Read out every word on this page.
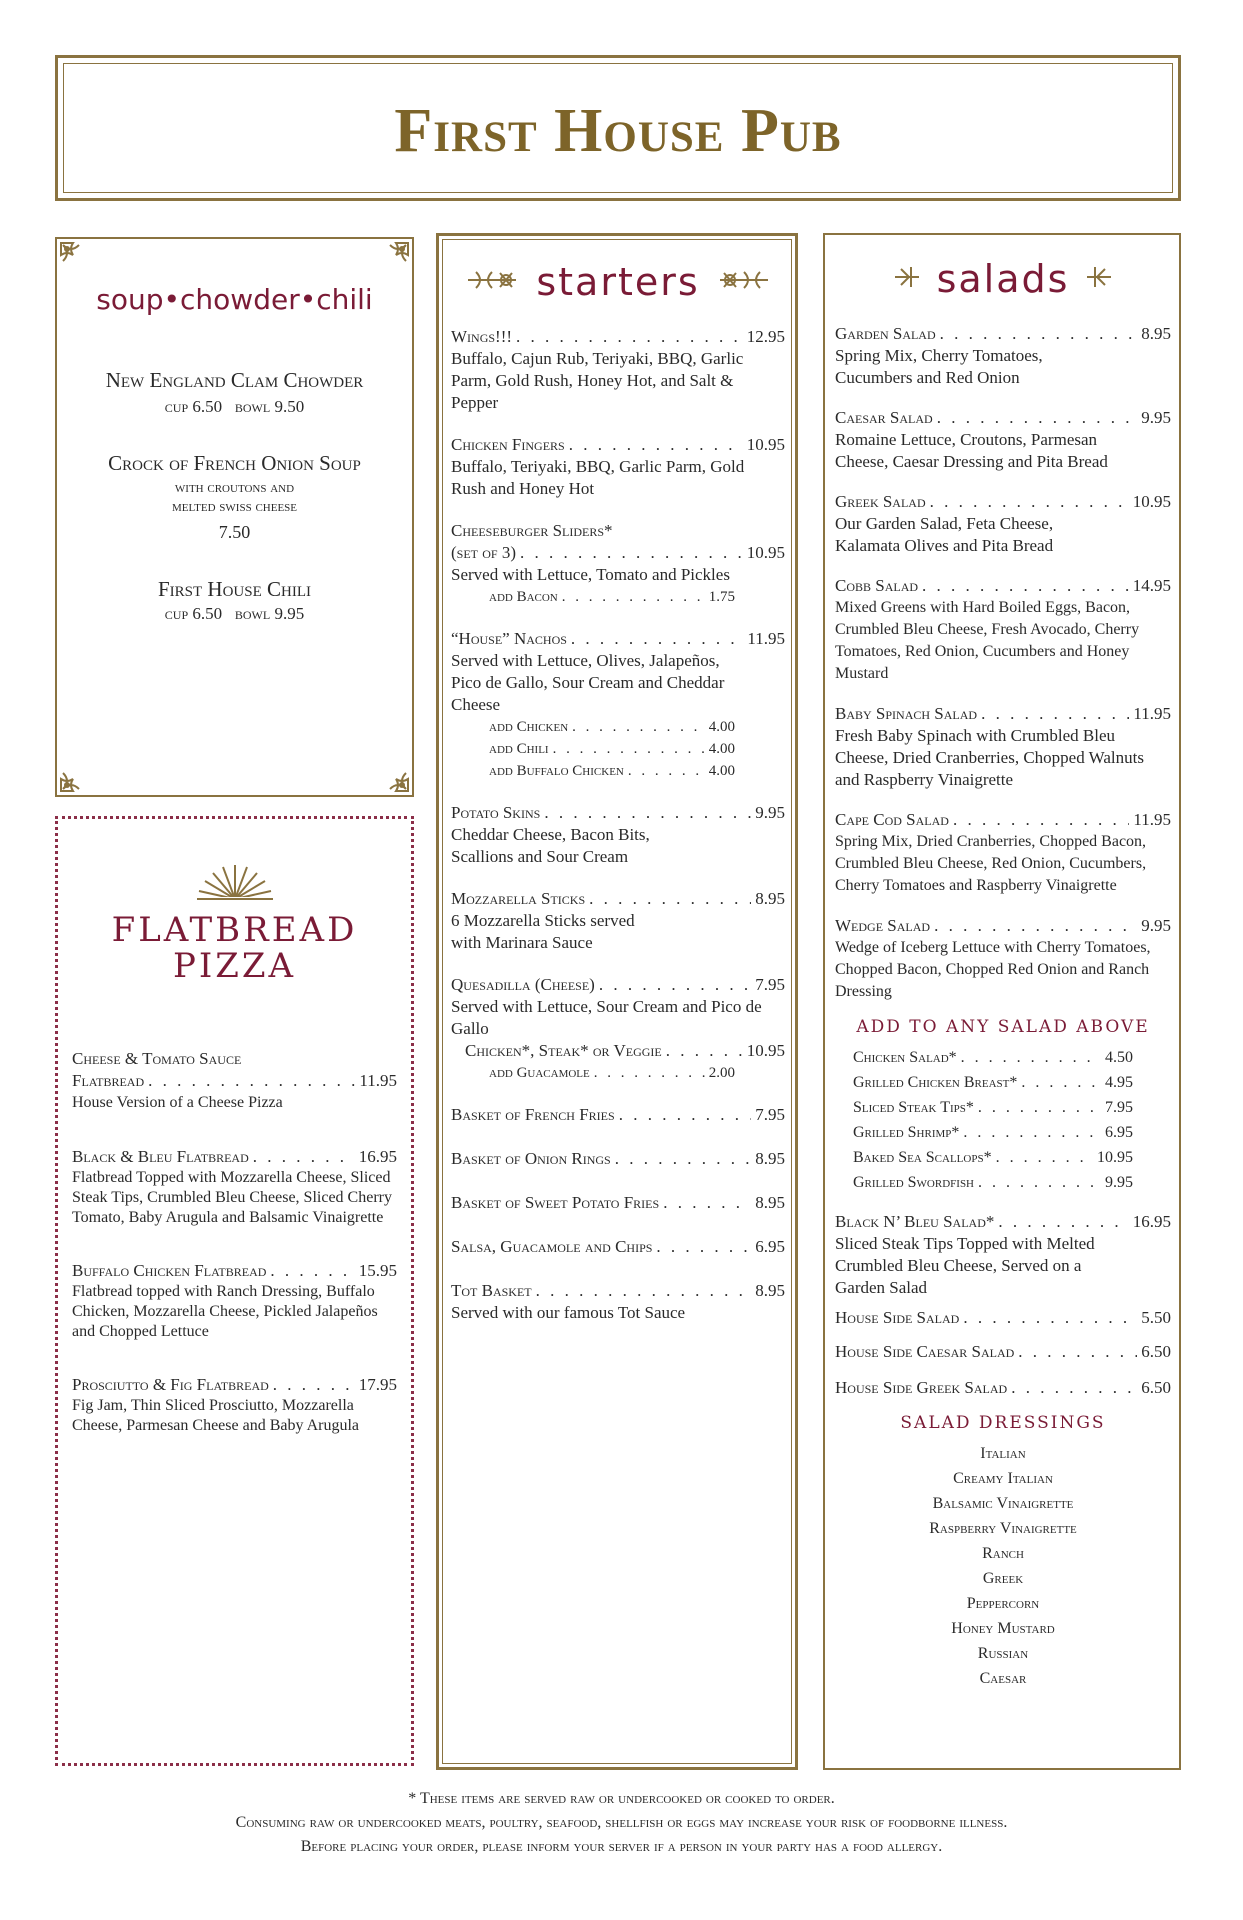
First House Pub
soup•chowder•chili
New England Clam Chowder
cup 6.50   bowl 9.50
Crock of French Onion Soup
with croutons and
melted swiss cheese
7.50
First House Chili
cup 6.50   bowl 9.95
FLATBREAD
PIZZA
Cheese & Tomato Sauce
Flatbread . . .	11.95
House Version of a Cheese Pizza
Black & Bleu Flatbread . . .	16.95
Flatbread Topped with Mozzarella Cheese, Sliced Steak Tips, Crumbled Bleu Cheese, Sliced Cherry Tomato, Baby Arugula and Balsamic Vinaigrette
Buffalo Chicken Flatbread . . .	15.95
Flatbread topped with Ranch Dressing, Buffalo Chicken, Mozzarella Cheese, Pickled Jalapeños and Chopped Lettuce
Prosciutto & Fig Flatbread . . .	17.95
Fig Jam, Thin Sliced Prosciutto, Mozzarella Cheese, Parmesan Cheese and Baby Arugula
starters
Wings!!! . . .	12.95
Buffalo, Cajun Rub, Teriyaki, BBQ, Garlic Parm, Gold Rush, Honey Hot, and Salt & Pepper
Chicken Fingers . . .	10.95
Buffalo, Teriyaki, BBQ, Garlic Parm, Gold Rush and Honey Hot
Cheeseburger Sliders*
(set of 3) . . .	10.95
Served with Lettuce, Tomato and Pickles
add Bacon . . .	1.75
“House” Nachos . . .	11.95
Served with Lettuce, Olives, Jalapeños, Pico de Gallo, Sour Cream and Cheddar Cheese
add Chicken . . .	4.00
add Chili . . .	4.00
add Buffalo Chicken . . .	4.00
Potato Skins . . .	9.95
Cheddar Cheese, Bacon Bits, Scallions and Sour Cream
Mozzarella Sticks . . .	8.95
6 Mozzarella Sticks served with Marinara Sauce
Quesadilla (Cheese) . . .	7.95
Served with Lettuce, Sour Cream and Pico de Gallo
Chicken*, Steak* or Veggie . . .	10.95
add Guacamole . . .	2.00
Basket of French Fries . . .	7.95
Basket of Onion Rings . . .	8.95
Basket of Sweet Potato Fries . . .	8.95
Salsa, Guacamole and Chips . . .	6.95
Tot Basket . . .	8.95
Served with our famous Tot Sauce
salads
Garden Salad . . .	8.95
Spring Mix, Cherry Tomatoes, Cucumbers and Red Onion
Caesar Salad . . .	9.95
Romaine Lettuce, Croutons, Parmesan Cheese, Caesar Dressing and Pita Bread
Greek Salad . . .	10.95
Our Garden Salad, Feta Cheese, Kalamata Olives and Pita Bread
Cobb Salad . . .	14.95
Mixed Greens with Hard Boiled Eggs, Bacon, Crumbled Bleu Cheese, Fresh Avocado, Cherry Tomatoes, Red Onion, Cucumbers and Honey Mustard
Baby Spinach Salad . . .	11.95
Fresh Baby Spinach with Crumbled Bleu Cheese, Dried Cranberries, Chopped Walnuts and Raspberry Vinaigrette
Cape Cod Salad . . .	11.95
Spring Mix, Dried Cranberries, Chopped Bacon, Crumbled Bleu Cheese, Red Onion, Cucumbers, Cherry Tomatoes and Raspberry Vinaigrette
Wedge Salad . . .	9.95
Wedge of Iceberg Lettuce with Cherry Tomatoes, Chopped Bacon, Chopped Red Onion and Ranch Dressing
ADD TO ANY SALAD ABOVE
Chicken Salad* . . .	4.50
Grilled Chicken Breast* . . .	4.95
Sliced Steak Tips* . . .	7.95
Grilled Shrimp* . . .	6.95
Baked Sea Scallops* . . .	10.95
Grilled Swordfish . . .	9.95
Black N’ Bleu Salad* . . .	16.95
Sliced Steak Tips Topped with Melted Crumbled Bleu Cheese, Served on a Garden Salad
House Side Salad . . .	5.50
House Side Caesar Salad . . .	6.50
House Side Greek Salad . . .	6.50
SALAD DRESSINGS
Italian
Creamy Italian
Balsamic Vinaigrette
Raspberry Vinaigrette
Ranch
Greek
Peppercorn
Honey Mustard
Russian
Caesar
* These items are served raw or undercooked or cooked to order.
Consuming raw or undercooked meats, poultry, seafood, shellfish or eggs may increase your risk of foodborne illness.
Before placing your order, please inform your server if a person in your party has a food allergy.
